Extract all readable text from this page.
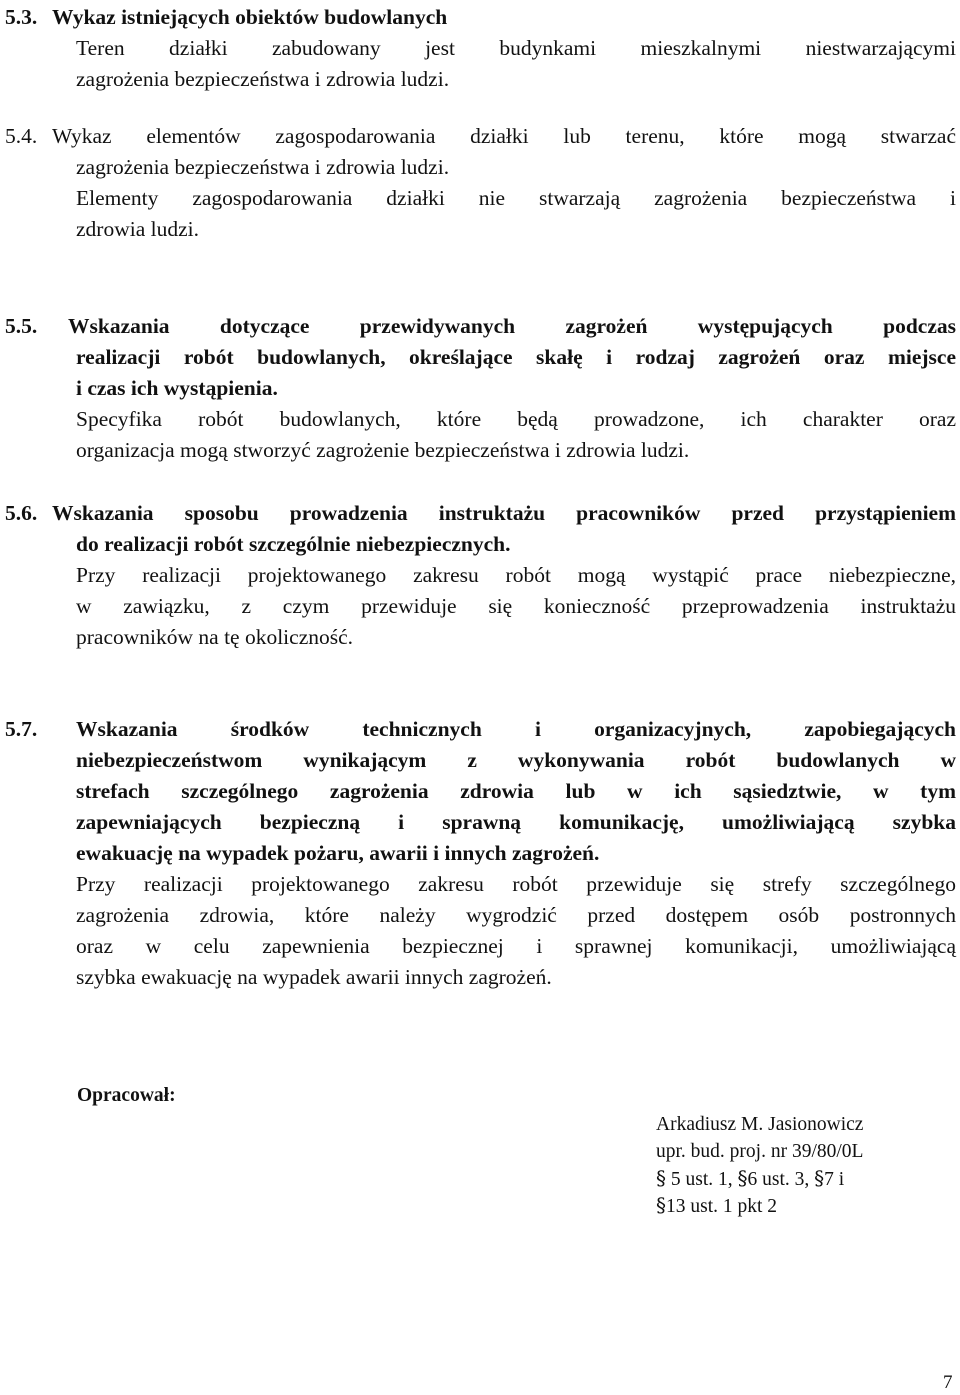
5.3. Wykaz istniejących obiektów budowlanych
Teren działki zabudowany jest budynkami mieszkalnymi niestwarzającymi
zagrożenia bezpieczeństwa i zdrowia ludzi.
5.4. Wykaz elementów zagospodarowania działki lub terenu, które mogą stwarzać
zagrożenia bezpieczeństwa i zdrowia ludzi.
Elementy zagospodarowania działki nie stwarzają zagrożenia bezpieczeństwa i
zdrowia ludzi.
5.5. Wskazania dotyczące przewidywanych zagrożeń występujących podczas
realizacji robót budowlanych, określające skałę i rodzaj zagrożeń oraz miejsce
i czas ich wystąpienia.
Specyfika robót budowlanych, które będą prowadzone, ich charakter oraz
organizacja mogą stworzyć zagrożenie bezpieczeństwa i zdrowia ludzi.
5.6. Wskazania sposobu prowadzenia instruktażu pracowników przed przystąpieniem
do realizacji robót szczególnie niebezpiecznych.
Przy realizacji projektowanego zakresu robót mogą wystąpić prace niebezpieczne,
w zawiązku, z czym przewiduje się konieczność przeprowadzenia instruktażu
pracowników na tę okoliczność.
5.7. Wskazania środków technicznych i organizacyjnych, zapobiegających
niebezpieczeństwom wynikającym z wykonywania robót budowlanych w
strefach szczególnego zagrożenia zdrowia lub w ich sąsiedztwie, w tym
zapewniających bezpieczną i sprawną komunikację, umożliwiającą szybka
ewakuację na wypadek pożaru, awarii i innych zagrożeń.
Przy realizacji projektowanego zakresu robót przewiduje się strefy szczególnego
zagrożenia zdrowia, które należy wygrodzić przed dostępem osób postronnych
oraz w celu zapewnienia bezpiecznej i sprawnej komunikacji, umożliwiającą
szybka ewakuację na wypadek awarii innych zagrożeń.
Opracował:
Arkadiusz M. Jasionowicz
upr. bud. proj. nr 39/80/0L
§ 5 ust. 1, §6 ust. 3, §7 i
§13 ust. 1 pkt 2
7
